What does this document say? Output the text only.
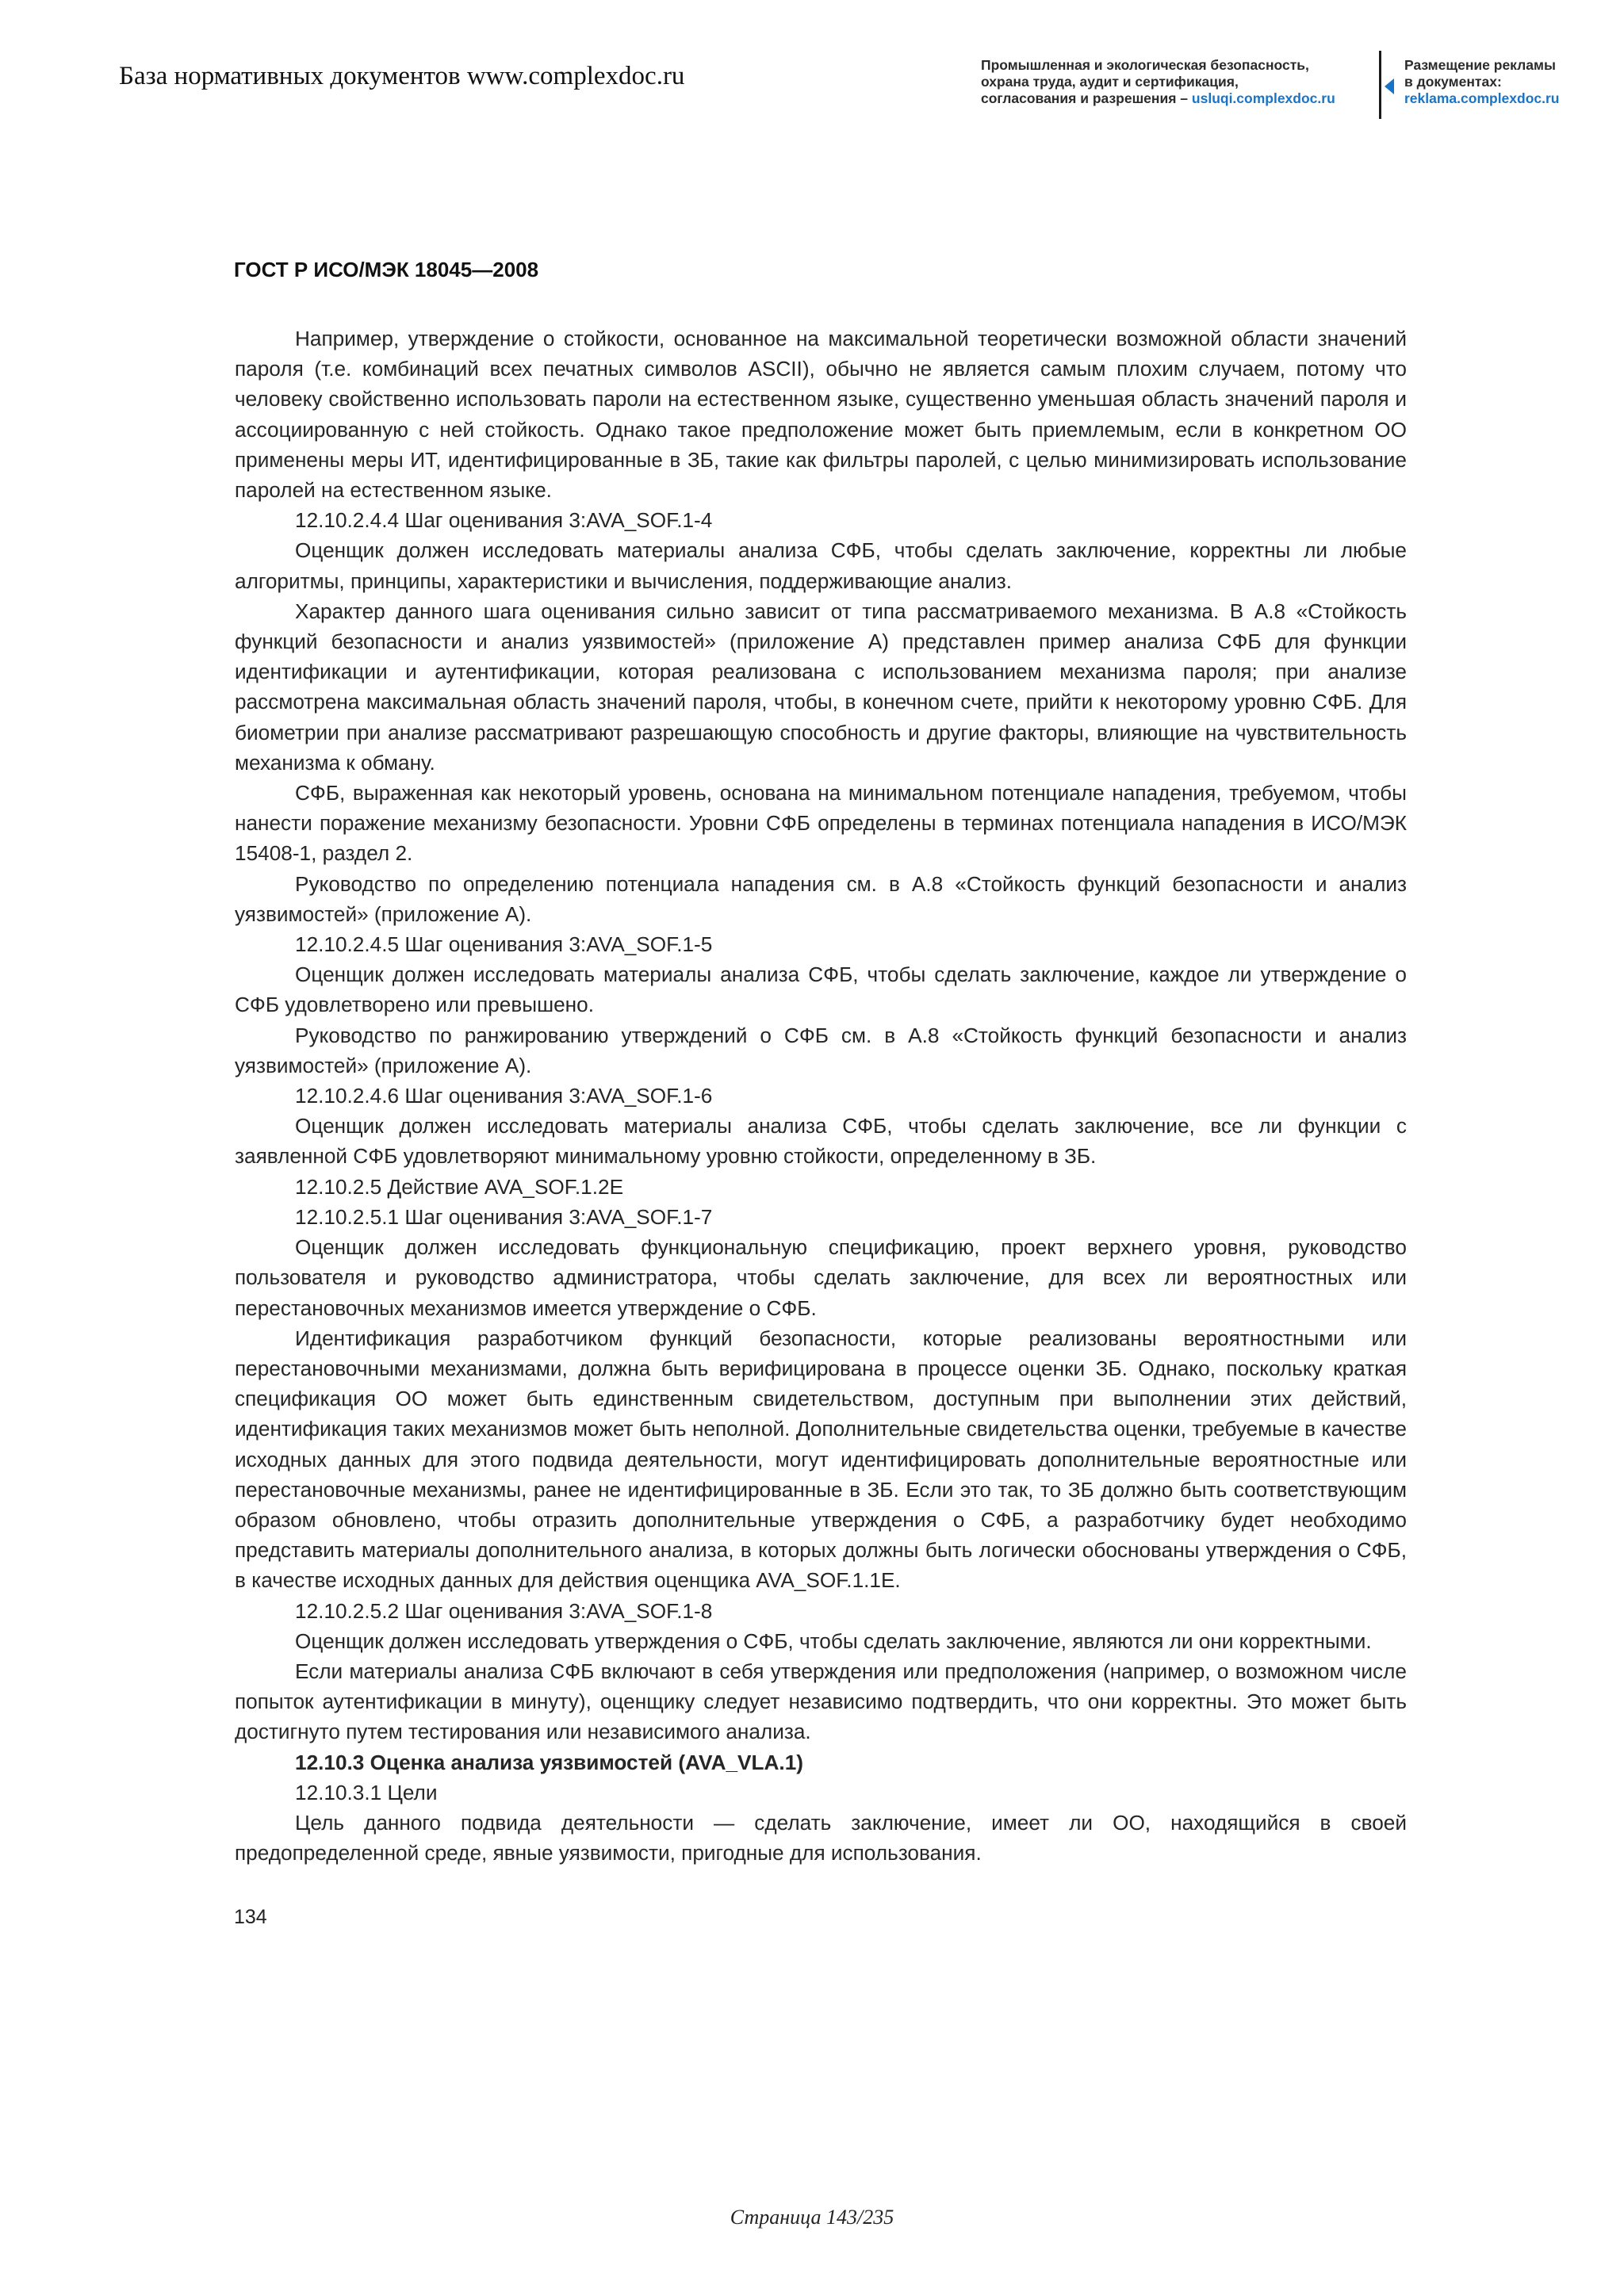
База нормативных документов www.complexdoc.ru	Промышленная и экологическая безопасность,
охрана труда, аудит и сертификация,
согласования и разрешения – usluqi.complexdoc.ru
Размещение рекламы
в документах:
reklama.complexdoc.ru
ГОСТ Р ИСО/МЭК 18045—2008

Например, утверждение о стойкости, основанное на максимальной теоретически возможной области значений пароля (т.е. комбинаций всех печатных символов ASCII), обычно не является самым плохим случаем, потому что человеку свойственно использовать пароли на естественном языке, существенно уменьшая область значений пароля и ассоциированную с ней стойкость. Однако такое предположение может быть приемлемым, если в конкретном ОО применены меры ИТ, идентифицированные в ЗБ, такие как фильтры паролей, с целью минимизировать использование паролей на естественном языке.

12.10.2.4.4 Шаг оценивания 3:AVA_SOF.1-4

Оценщик должен исследовать материалы анализа СФБ, чтобы сделать заключение, корректны ли любые алгоритмы, принципы, характеристики и вычисления, поддерживающие анализ.

Характер данного шага оценивания сильно зависит от типа рассматриваемого механизма. В А.8 «Стойкость функций безопасности и анализ уязвимостей» (приложение А) представлен пример анализа СФБ для функции идентификации и аутентификации, которая реализована с использованием механизма пароля; при анализе рассмотрена максимальная область значений пароля, чтобы, в конечном счете, прийти к некоторому уровню СФБ. Для биометрии при анализе рассматривают разрешающую способность и другие факторы, влияющие на чувствительность механизма к обману.

СФБ, выраженная как некоторый уровень, основана на минимальном потенциале нападения, требуемом, чтобы нанести поражение механизму безопасности. Уровни СФБ определены в терминах потенциала нападения в ИСО/МЭК 15408-1, раздел 2.

Руководство по определению потенциала нападения см. в А.8 «Стойкость функций безопасности и анализ уязвимостей» (приложение А).

12.10.2.4.5 Шаг оценивания 3:AVA_SOF.1-5

Оценщик должен исследовать материалы анализа СФБ, чтобы сделать заключение, каждое ли утверждение о СФБ удовлетворено или превышено.

Руководство по ранжированию утверждений о СФБ см. в А.8 «Стойкость функций безопасности и анализ уязвимостей» (приложение А).

12.10.2.4.6 Шаг оценивания 3:AVA_SOF.1-6

Оценщик должен исследовать материалы анализа СФБ, чтобы сделать заключение, все ли функции с заявленной СФБ удовлетворяют минимальному уровню стойкости, определенному в ЗБ.

12.10.2.5 Действие AVA_SOF.1.2E

12.10.2.5.1 Шаг оценивания 3:AVA_SOF.1-7

Оценщик должен исследовать функциональную спецификацию, проект верхнего уровня, руководство пользователя и руководство администратора, чтобы сделать заключение, для всех ли вероятностных или перестановочных механизмов имеется утверждение о СФБ.

Идентификация разработчиком функций безопасности, которые реализованы вероятностными или перестановочными механизмами, должна быть верифицирована в процессе оценки ЗБ. Однако, поскольку краткая спецификация ОО может быть единственным свидетельством, доступным при выполнении этих действий, идентификация таких механизмов может быть неполной. Дополнительные свидетельства оценки, требуемые в качестве исходных данных для этого подвида деятельности, могут идентифицировать дополнительные вероятностные или перестановочные механизмы, ранее не идентифицированные в ЗБ. Если это так, то ЗБ должно быть соответствующим образом обновлено, чтобы отразить дополнительные утверждения о СФБ, а разработчику будет необходимо представить материалы дополнительного анализа, в которых должны быть логически обоснованы утверждения о СФБ, в качестве исходных данных для действия оценщика AVA_SOF.1.1E.

12.10.2.5.2 Шаг оценивания 3:AVA_SOF.1-8

Оценщик должен исследовать утверждения о СФБ, чтобы сделать заключение, являются ли они корректными.

Если материалы анализа СФБ включают в себя утверждения или предположения (например, о возможном числе попыток аутентификации в минуту), оценщику следует независимо подтвердить, что они корректны. Это может быть достигнуто путем тестирования или независимого анализа.

12.10.3 Оценка анализа уязвимостей (AVA_VLA.1)

12.10.3.1 Цели

Цель данного подвида деятельности — сделать заключение, имеет ли ОО, находящийся в своей предопределенной среде, явные уязвимости, пригодные для использования.

134
Страница 143/235
